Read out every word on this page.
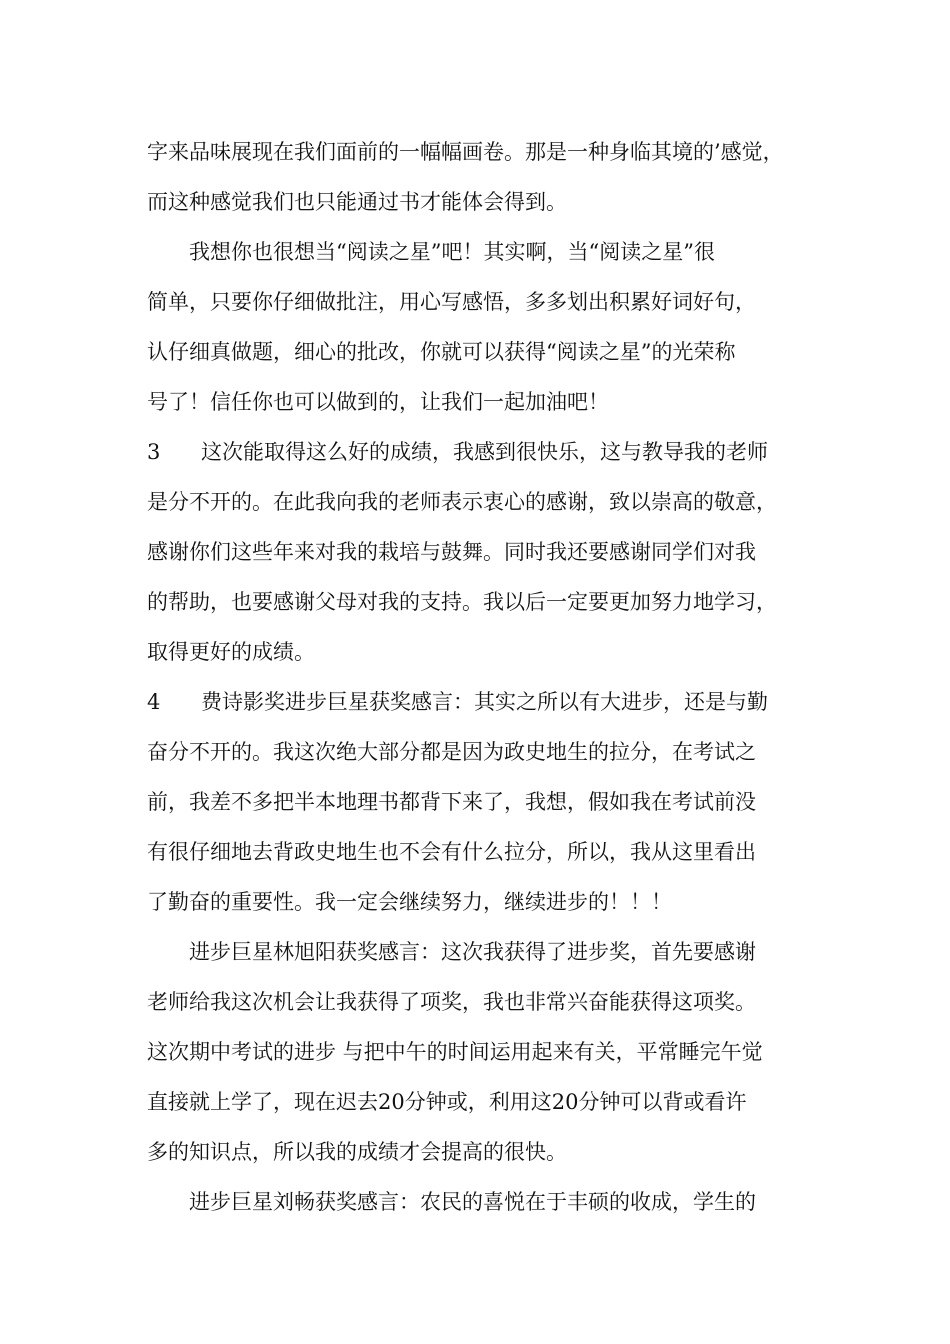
字来品味展现在我们面前的一幅幅画卷。那是一种身临其境的’感觉，
而这种感觉我们也只能通过书才能体会得到。
我想你也很想当“阅读之星”吧！其实啊，当“阅读之星”很
简单，只要你仔细做批注，用心写感悟，多多划出积累好词好句，
认仔细真做题，细心的批改，你就可以获得“阅读之星”的光荣称
号了！信任你也可以做到的，让我们一起加油吧！
3	这次能取得这么好的成绩，我感到很快乐，这与教导我的老师
是分不开的。在此我向我的老师表示衷心的感谢，致以崇高的敬意，
感谢你们这些年来对我的栽培与鼓舞。同时我还要感谢同学们对我
的帮助，也要感谢父母对我的支持。我以后一定要更加努力地学习，
取得更好的成绩。
4	费诗影奖进步巨星获奖感言：其实之所以有大进步，还是与勤
奋分不开的。我这次绝大部分都是因为政史地生的拉分，在考试之
前，我差不多把半本地理书都背下来了，我想，假如我在考试前没
有很仔细地去背政史地生也不会有什么拉分，所以，我从这里看出
了勤奋的重要性。我一定会继续努力，继续进步的！！！
进步巨星林旭阳获奖感言：这次我获得了进步奖，首先要感谢
老师给我这次机会让我获得了项奖，我也非常兴奋能获得这项奖。
这次期中考试的进步 与把中午的时间运用起来有关，平常睡完午觉
直接就上学了，现在迟去20分钟或，利用这20分钟可以背或看许
多的知识点，所以我的成绩才会提高的很快。
进步巨星刘畅获奖感言：农民的喜悦在于丰硕的收成，学生的
